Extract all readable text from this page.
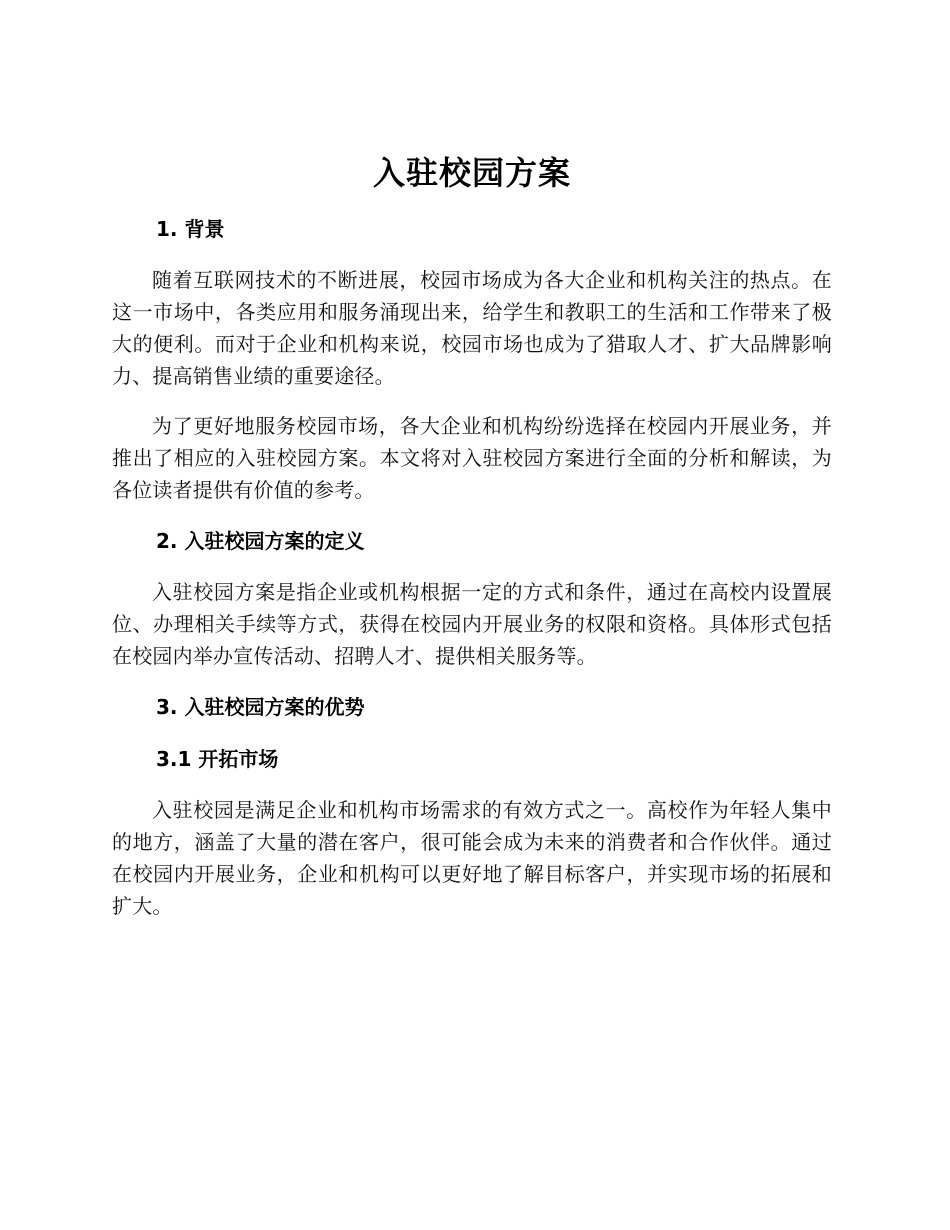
入驻校园方案
1. 背景

随着互联网技术的不断进展，校园市场成为各大企业和机构关注的热点。在这一市场中，各类应用和服务涌现出来，给学生和教职工的生活和工作带来了极大的便利。而对于企业和机构来说，校园市场也成为了猎取人才、扩大品牌影响力、提高销售业绩的重要途径。

为了更好地服务校园市场，各大企业和机构纷纷选择在校园内开展业务，并推出了相应的入驻校园方案。本文将对入驻校园方案进行全面的分析和解读，为各位读者提供有价值的参考。

2. 入驻校园方案的定义

入驻校园方案是指企业或机构根据一定的方式和条件，通过在高校内设置展位、办理相关手续等方式，获得在校园内开展业务的权限和资格。具体形式包括在校园内举办宣传活动、招聘人才、提供相关服务等。

3. 入驻校园方案的优势
3.1 开拓市场

入驻校园是满足企业和机构市场需求的有效方式之一。高校作为年轻人集中的地方，涵盖了大量的潜在客户，很可能会成为未来的消费者和合作伙伴。通过在校园内开展业务，企业和机构可以更好地了解目标客户，并实现市场的拓展和扩大。
